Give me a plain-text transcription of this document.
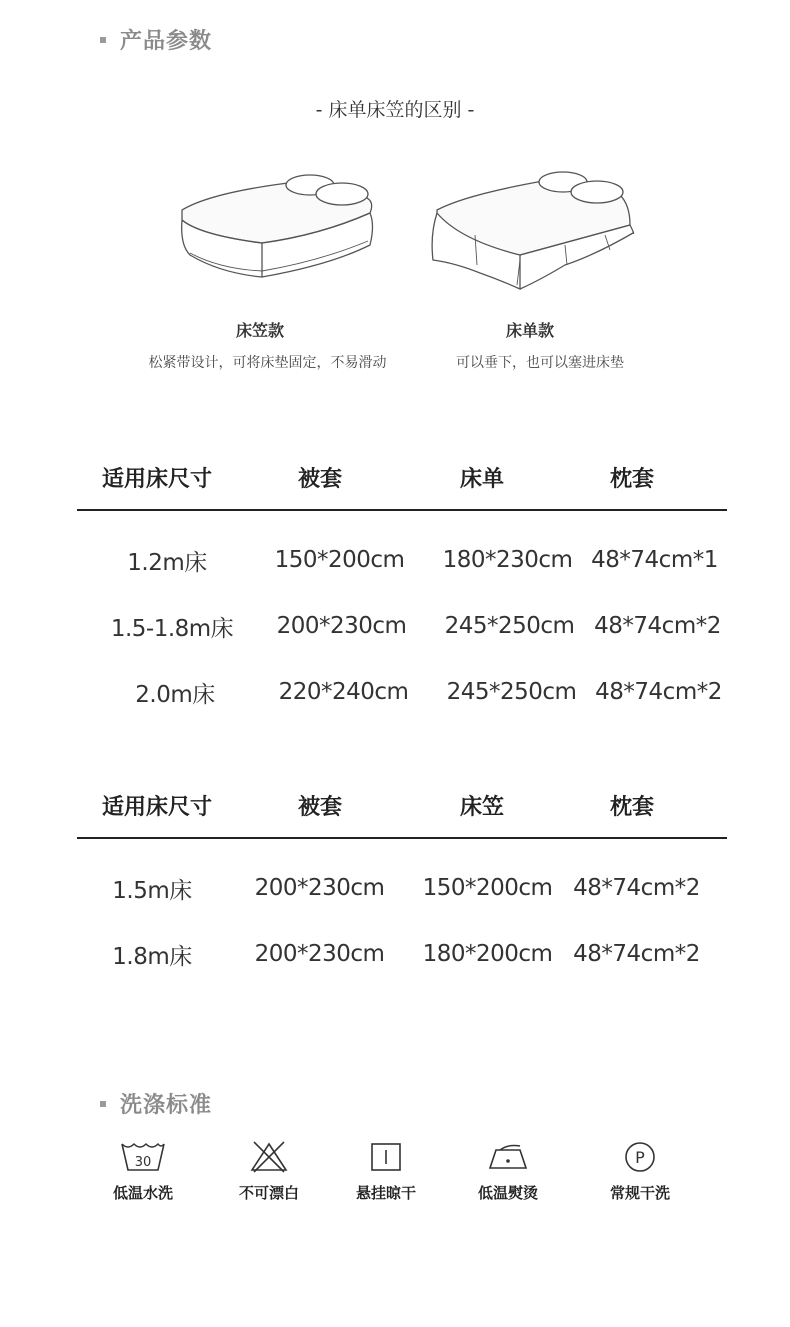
产品参数
- 床单床笠的区别 -
床笠款
松紧带设计，可将床垫固定，不易滑动
床单款
可以垂下，也可以塞进床垫
适用床尺寸	被套	床单	枕套
1.2m床	150*200cm 180*230cm 48*74cm*1
1.5-1.8m床	200*230cm 245*250cm 48*74cm*2
2.0m床	220*240cm 245*250cm 48*74cm*2
适用床尺寸	被套	床笠	枕套
1.5m床	200*230cm 150*200cm 48*74cm*2
1.8m床	200*230cm 180*200cm 48*74cm*2
洗涤标准
30
低温水洗	不可漂白	悬挂晾干	低温熨烫
P
常规干洗
